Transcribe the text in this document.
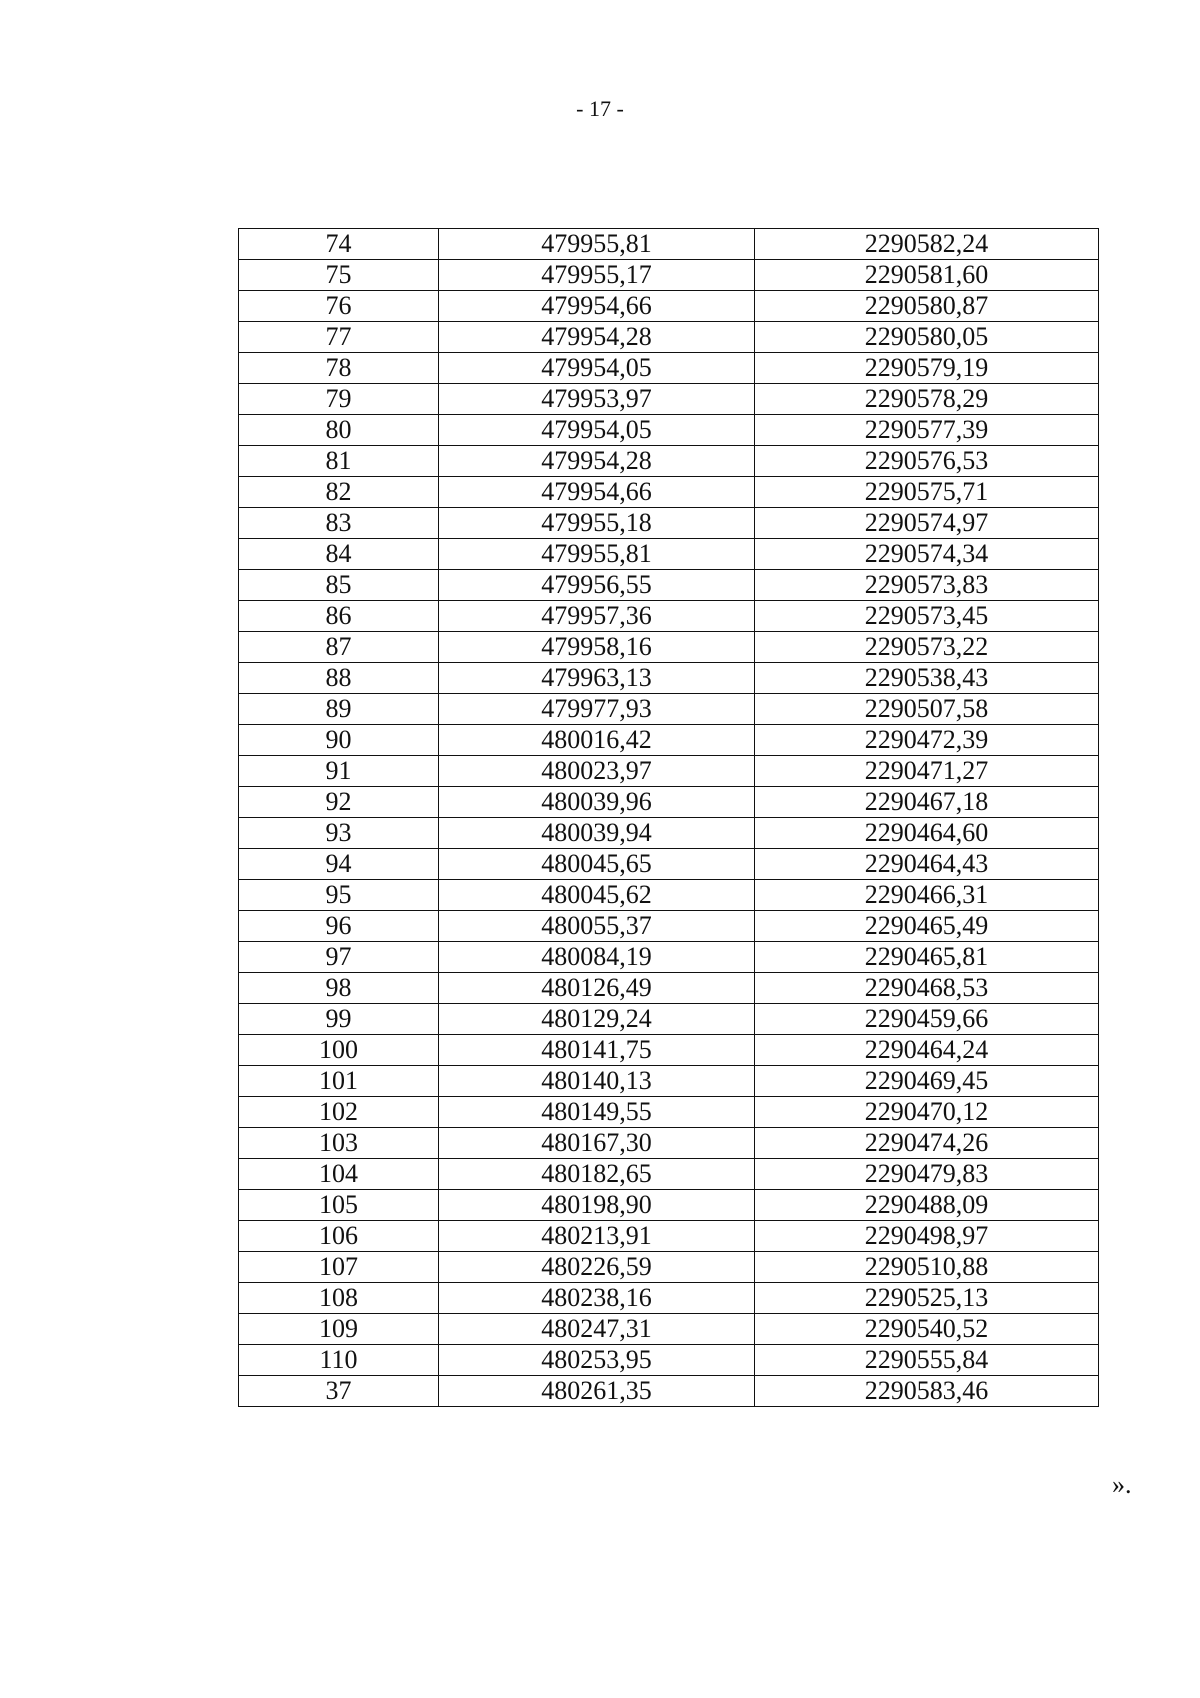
- 17 -
74	479955,81	2290582,24
75	479955,17	2290581,60
76	479954,66	2290580,87
77	479954,28	2290580,05
78	479954,05	2290579,19
79	479953,97	2290578,29
80	479954,05	2290577,39
81	479954,28	2290576,53
82	479954,66	2290575,71
83	479955,18	2290574,97
84	479955,81	2290574,34
85	479956,55	2290573,83
86	479957,36	2290573,45
87	479958,16	2290573,22
88	479963,13	2290538,43
89	479977,93	2290507,58
90	480016,42	2290472,39
91	480023,97	2290471,27
92	480039,96	2290467,18
93	480039,94	2290464,60
94	480045,65	2290464,43
95	480045,62	2290466,31
96	480055,37	2290465,49
97	480084,19	2290465,81
98	480126,49	2290468,53
99	480129,24	2290459,66
100	480141,75	2290464,24
101	480140,13	2290469,45
102	480149,55	2290470,12
103	480167,30	2290474,26
104	480182,65	2290479,83
105	480198,90	2290488,09
106	480213,91	2290498,97
107	480226,59	2290510,88
108	480238,16	2290525,13
109	480247,31	2290540,52
110	480253,95	2290555,84
37	480261,35	2290583,46
».
